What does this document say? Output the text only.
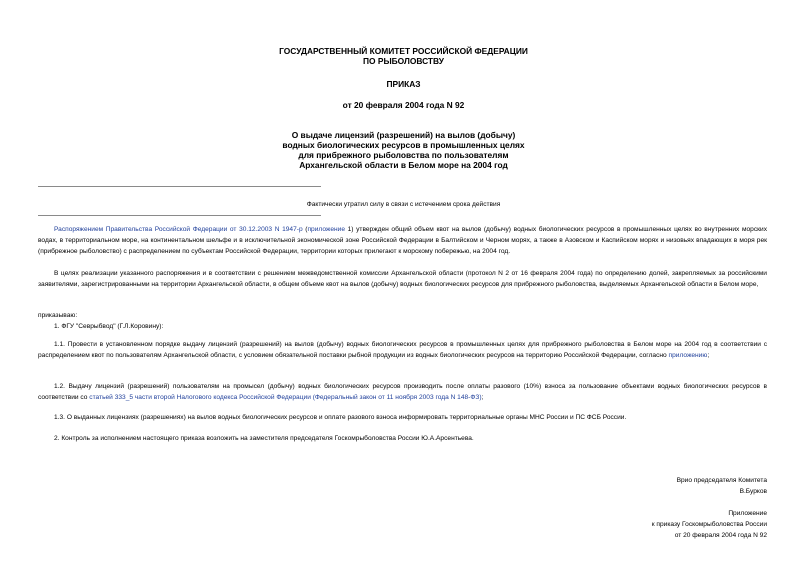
ГОСУДАРСТВЕННЫЙ КОМИТЕТ РОССИЙСКОЙ ФЕДЕРАЦИИ
ПО РЫБОЛОВСТВУ
ПРИКАЗ
от 20 февраля 2004 года N 92
О выдаче лицензий (разрешений) на вылов (добычу)
водных биологических ресурсов в промышленных целях
для прибрежного рыболовства по пользователям
Архангельской области в Белом море на 2004 год
Фактически утратил силу в связи с истечением срока действия
Распоряжением Правительства Российской Федерации от 30.12.2003 N 1947-р (приложение 1) утвержден общий объем квот на вылов (добычу) водных биологических ресурсов в промышленных целях во внутренних морских водах, в территориальном море, на континентальном шельфе и в исключительной экономической зоне Российской Федерации в Балтийском и Черном морях, а также в Азовском и Каспийском морях и низовьях впадающих в моря рек (прибрежное рыболовство) с распределением по субъектам Российской Федерации, территории которых прилегают к морскому побережью, на 2004 год.
В целях реализации указанного распоряжения и в соответствии с решением межведомственной комиссии Архангельской области (протокол N 2 от 16 февраля 2004 года) по определению долей, закрепляемых за российскими заявителями, зарегистрированными на территории Архангельской области, в общем объеме квот на вылов (добычу) водных биологических ресурсов для прибрежного рыболовства, выделяемых Архангельской области в Белом море,
приказываю:
1. ФГУ "Севрыбвод" (Г.Л.Коровину):
1.1. Провести в установленном порядке выдачу лицензий (разрешений) на вылов (добычу) водных биологических ресурсов в промышленных целях для прибрежного рыболовства в Белом море на 2004 год в соответствии с распределением квот по пользователям Архангельской области, с условием обязательной поставки рыбной продукции из водных биологических ресурсов на территорию Российской Федерации, согласно приложению;
1.2. Выдачу лицензий (разрешений) пользователям на промысел (добычу) водных биологических ресурсов производить после оплаты разового (10%) взноса за пользование объектами водных биологических ресурсов в соответствии со статьей 333_5 части второй Налогового кодекса Российской Федерации (Федеральный закон от 11 ноября 2003 года N 148-ФЗ);
1.3. О выданных лицензиях (разрешениях) на вылов водных биологических ресурсов и оплате разового взноса информировать территориальные органы МНС России и ПС ФСБ России.
2. Контроль за исполнением настоящего приказа возложить на заместителя председателя Госкомрыболовства России Ю.А.Арсентьева.
Врио председателя Комитета
В.Бурков
Приложение
к приказу Госкомрыболовства России
от 20 февраля 2004 года N 92
